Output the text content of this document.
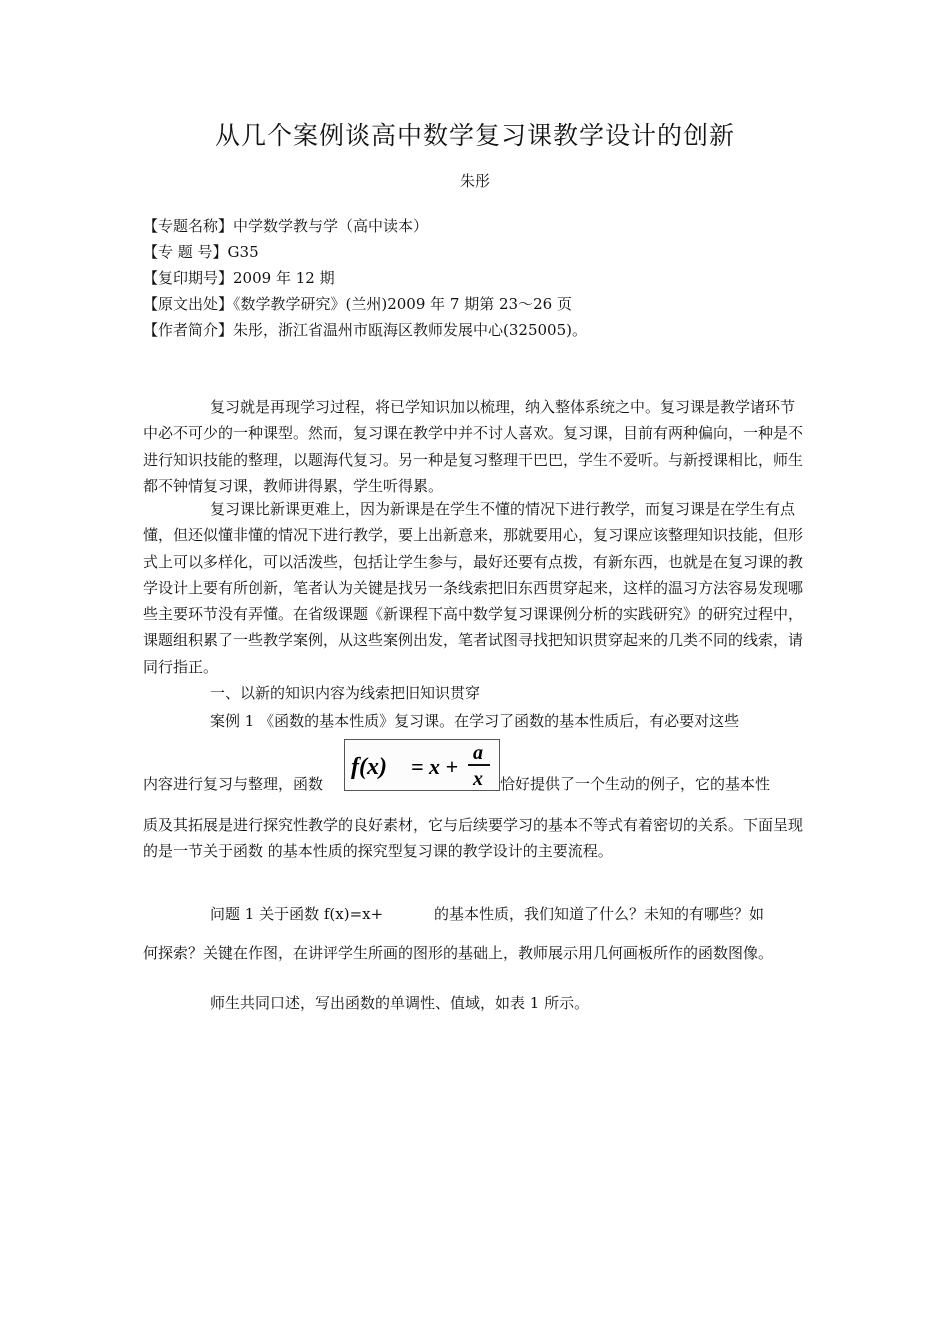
从几个案例谈高中数学复习课教学设计的创新
朱彤
【专题名称】中学数学教与学（高中读本）
【专 题 号】G35
【复印期号】2009 年 12 期
【原文出处】《数学教学研究》(兰州)2009 年 7 期第 23～26 页
【作者简介】朱彤，浙江省温州市瓯海区教师发展中心(325005)。

复习就是再现学习过程，将已学知识加以梳理，纳入整体系统之中。复习课是教学诸环节中必不可少的一种课型。然而，复习课在教学中并不讨人喜欢。复习课，目前有两种偏向，一种是不进行知识技能的整理，以题海代复习。另一种是复习整理干巴巴，学生不爱听。与新授课相比，师生都不钟情复习课，教师讲得累，学生听得累。

复习课比新课更难上，因为新课是在学生不懂的情况下进行教学，而复习课是在学生有点懂，但还似懂非懂的情况下进行教学，要上出新意来，那就要用心，复习课应该整理知识技能，但形式上可以多样化，可以活泼些，包括让学生参与，最好还要有点拨，有新东西，也就是在复习课的教学设计上要有所创新，笔者认为关键是找另一条线索把旧东西贯穿起来，这样的温习方法容易发现哪些主要环节没有弄懂。在省级课题《新课程下高中数学复习课课例分析的实践研究》的研究过程中，课题组积累了一些教学案例，从这些案例出发，笔者试图寻找把知识贯穿起来的几类不同的线索，请同行指正。

一、以新的知识内容为线索把旧知识贯穿
案例 1 《函数的基本性质》复习课。在学习了函数的基本性质后，有必要对这些
f(x) = x +
a
x
内容进行复习与整理，函数	恰好提供了一个生动的例子，它的基本性

质及其拓展是进行探究性教学的良好素材，它与后续要学习的基本不等式有着密切的关系。下面呈现的是一节关于函数 的基本性质的探究型复习课的教学设计的主要流程。

问题 1 关于函数 f(x)=x+	的基本性质，我们知道了什么？未知的有哪些？如

何探索？关键在作图，在讲评学生所画的图形的基础上，教师展示用几何画板所作的函数图像。

师生共同口述，写出函数的单调性、值域，如表 1 所示。
